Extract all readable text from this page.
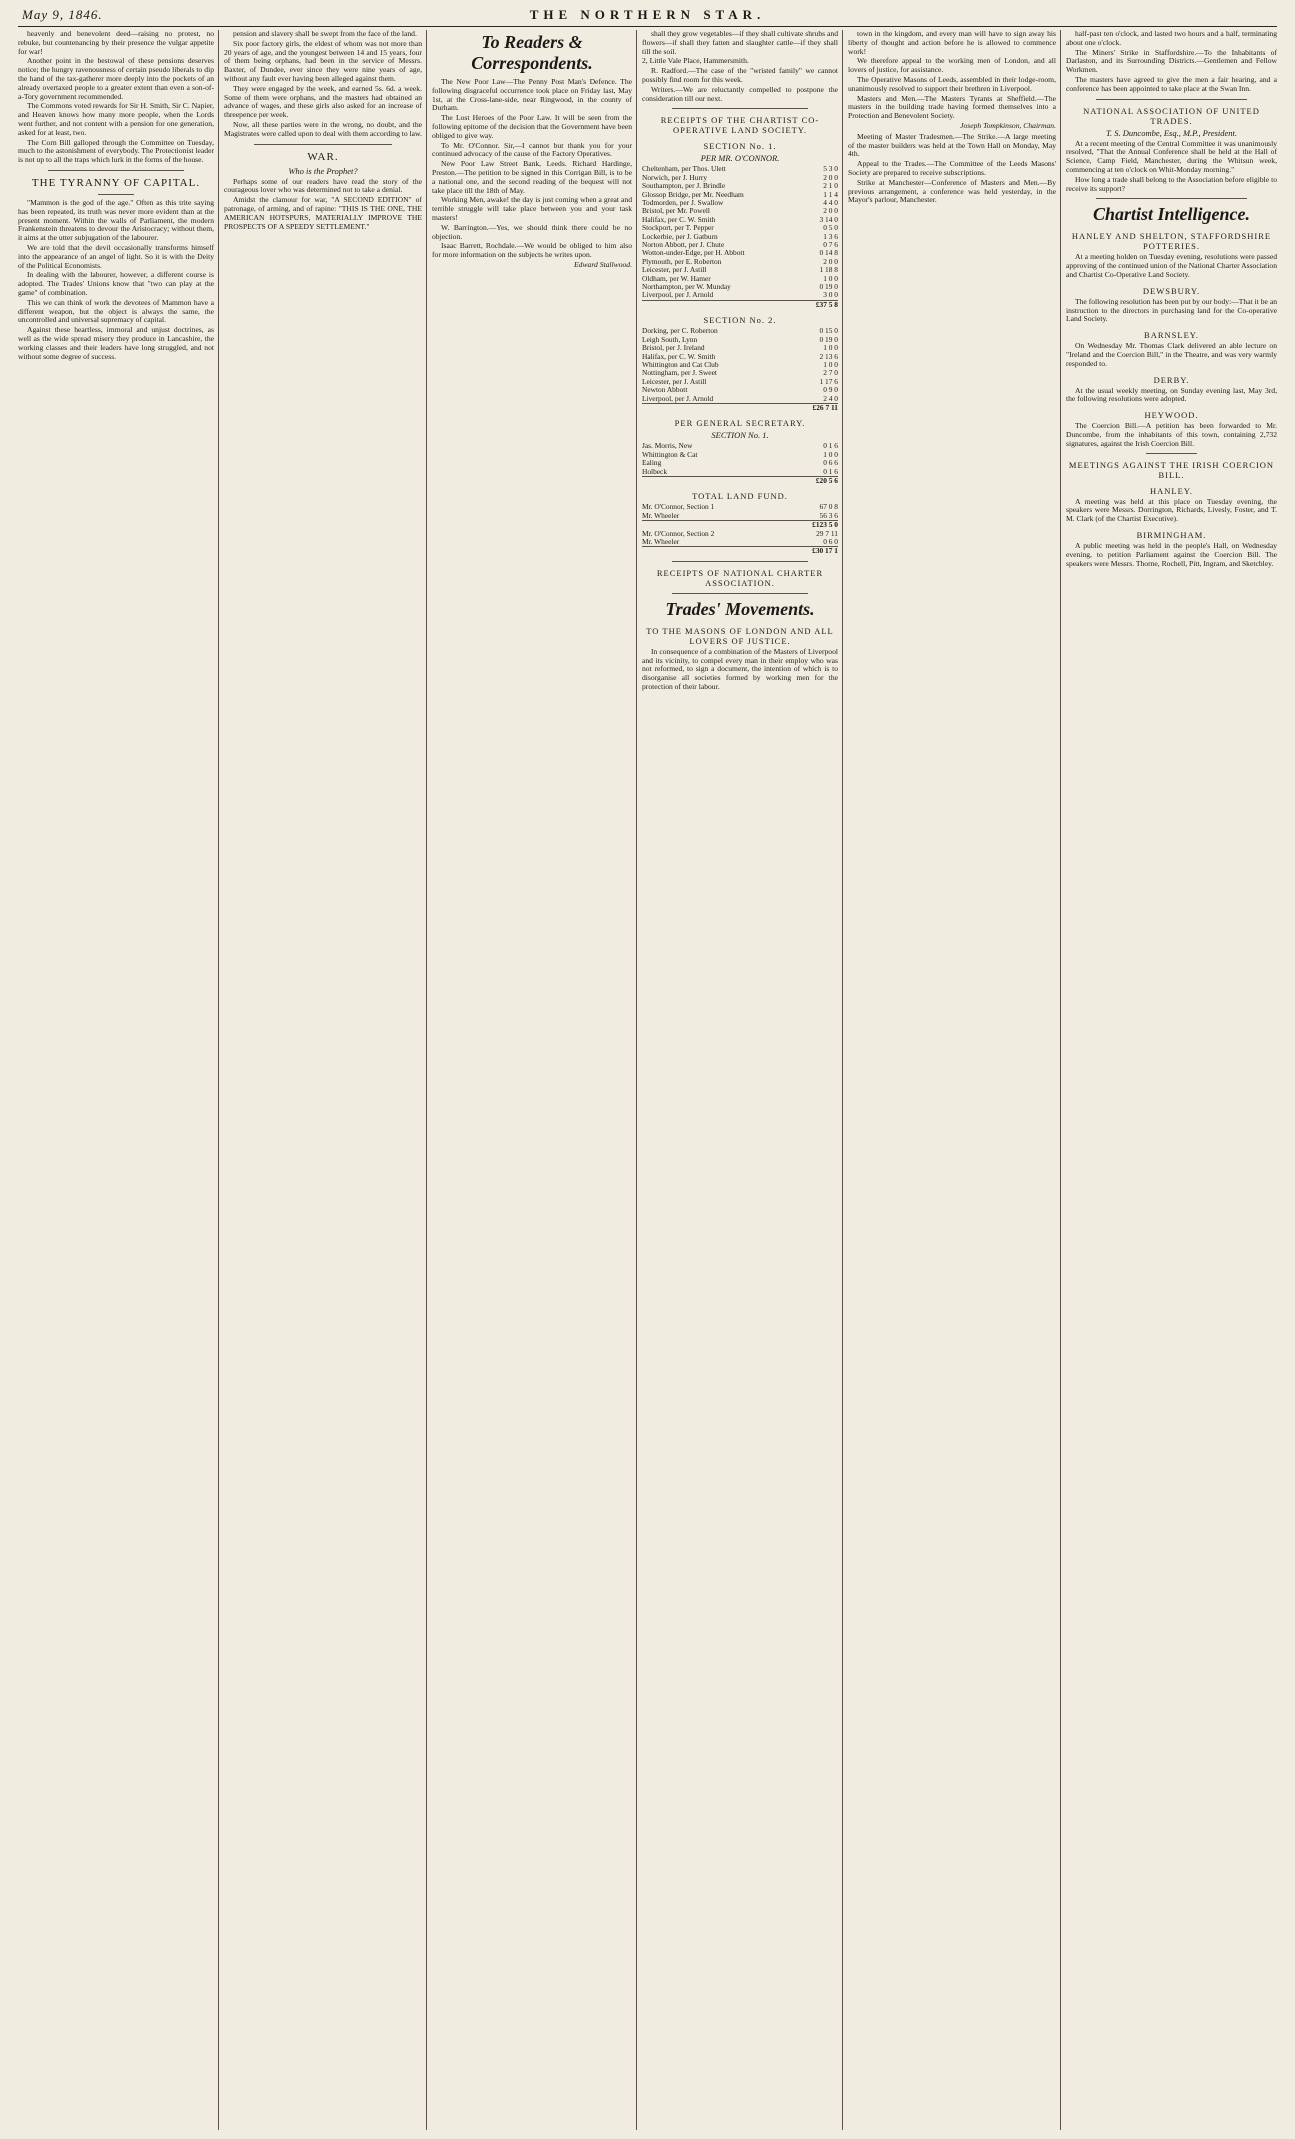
May 9, 1846.	THE NORTHERN STAR.

heavenly and benevolent deed—raising no protest, no rebuke, but countenancing by their presence the vulgar appetite for war!

Another point in the bestowal of these pensions deserves notice; the hungry ravenousness of certain pseudo liberals to dip the hand of the tax-gatherer more deeply into the pockets of an already overtaxed people to a greater extent than even a son-of-a-Tory government recommended.

The Commons voted rewards for Sir H. Smith, Sir C. Napier, and Heaven knows how many more people, when the Lords went further, and not content with a pension for one generation, asked for at least, two.

The Corn Bill galloped through the Committee on Tuesday, much to the astonishment of everybody. The Protectionist leader is not up to all the traps which lurk in the forms of the house.

THE TYRANNY OF CAPITAL.

"Mammon is the god of the age." Often as this trite saying has been repeated, its truth was never more evident than at the present moment. Within the walls of Parliament, the modern Frankenstein threatens to devour the Aristocracy; without them, it aims at the utter subjugation of the labourer.

We are told that the devil occasionally transforms himself into the appearance of an angel of light. So it is with the Deity of the Political Economists.

In dealing with the labourer, however, a different course is adopted. The Trades' Unions know that "two can play at the game" of combination.

This we can think of work the devotees of Mammon have a different weapon, but the object is always the same, the uncontrolled and universal supremacy of capital.

Against these heartless, immoral and unjust doctrines, as well as the wide spread misery they produce in Lancashire, the working classes and their leaders have long struggled, and not without some degree of success.

pension and slavery shall be swept from the face of the land.

Six poor factory girls, the eldest of whom was not more than 20 years of age, and the youngest between 14 and 15 years, four of them being orphans, had been in the service of Messrs. Baxter, of Dundee, ever since they were nine years of age, without any fault ever having been alleged against them.

They were engaged by the week, and earned 5s. 6d. a week. Some of them were orphans, and the masters had obtained an advance of wages, and these girls also asked for an increase of threepence per week.

Now, all these parties were in the wrong, no doubt, and the Magistrates were called upon to deal with them according to law.

WAR.
Who is the Prophet?

Perhaps some of our readers have read the story of the courageous lover who was determined not to take a denial.

Amidst the clamour for war, "A SECOND EDITION" of patronage, of arming, and of rapine: "THIS IS THE ONE, THE AMERICAN HOTSPURS, MATERIALLY IMPROVE THE PROSPECTS OF A SPEEDY SETTLEMENT."

To Readers & Correspondents.

The New Poor Law—The Penny Post Man's Defence. The following disgraceful occurrence took place on Friday last, May 1st, at the Cross-lane-side, near Ringwood, in the county of Durham.

The Lost Heroes of the Poor Law. It will be seen from the following epitome of the decision that the Government have been obliged to give way.

To Mr. O'Connor. Sir,—I cannot but thank you for your continued advocacy of the cause of the Factory Operatives.

New Poor Law Street Bank, Leeds. Richard Hardinge, Preston.—The petition to be signed in this Corrigan Bill, is to be a national one, and the second reading of the bequest will not take place till the 18th of May.

Working Men, awake! the day is just coming when a great and terrible struggle will take place between you and your task masters!

W. Barrington.—Yes, we should think there could be no objection.

Isaac Barrett, Rochdale.—We would be obliged to him also for more information on the subjects he writes upon.

Edward Stallwood.

shall they grow vegetables—if they shall cultivate shrubs and flowers—if shall they fatten and slaughter cattle—if they shall till the soil.

2, Little Vale Place, Hammersmith.

R. Radford.—The case of the "wristed family" we cannot possibly find room for this week.

Writers.—We are reluctantly compelled to postpone the consideration till our next.

RECEIPTS OF THE CHARTIST CO-OPERATIVE LAND SOCIETY.
SECTION No. 1.
PER MR. O'CONNOR.
Cheltenham, per Thos. Ulett	5 3 0
Norwich, per J. Hurry	2 0 0
Southampton, per J. Brindle	2 1 0
Glossop Bridge, per Mr. Needham	1 1 4
Todmorden, per J. Swallow	4 4 0
Bristol, per Mr. Powell	2 0 0
Halifax, per C. W. Smith	3 14 0
Stockport, per T. Pepper	0 5 0
Lockerbie, per J. Gatburn	1 3 6
Norton Abbott, per J. Chute	0 7 6
Wotton-under-Edge, per H. Abbott	0 14 8
Plymouth, per E. Roberton	2 0 0
Leicester, per J. Astill	1 18 8
Oldham, per W. Hamer	1 0 0
Northampton, per W. Munday	0 19 0
Liverpool, per J. Arnold	3 0 0
	£37 5 8
SECTION No. 2.
Dorking, per C. Roberton	0 15 0
Leigh South, Lynn	0 19 0
Bristol, per J. Ireland	1 0 0
Halifax, per C. W. Smith	2 13 6
Whittington and Cat Club	1 0 0
Nottingham, per J. Sweet	2 7 0
Leicester, per J. Astill	1 17 6
Newton Abbott	0 9 0
Liverpool, per J. Arnold	2 4 0
	£26 7 11
PER GENERAL SECRETARY.
SECTION No. 1.
Jas. Morris, New	0 1 6
Whittington & Cat	1 0 0
Ealing	0 6 6
Holbeck	0 1 6
	£20 5 6
TOTAL LAND FUND.
Mr. O'Connor, Section 1	67 0 8
Mr. Wheeler	56 3 6
	£123 5 0
Mr. O'Connor, Section 2	29 7 11
Mr. Wheeler	0 6 0
	£30 17 1
RECEIPTS OF NATIONAL CHARTER ASSOCIATION.
Trades' Movements.
TO THE MASONS OF LONDON AND ALL LOVERS OF JUSTICE.

In consequence of a combination of the Masters of Liverpool and its vicinity, to compel every man in their employ who was not reformed, to sign a document, the intention of which is to disorganise all societies formed by working men for the protection of their labour.

town in the kingdom, and every man will have to sign away his liberty of thought and action before he is allowed to commence work!

We therefore appeal to the working men of London, and all lovers of justice, for assistance.

The Operative Masons of Leeds, assembled in their lodge-room, unanimously resolved to support their brethren in Liverpool.

Masters and Men.—The Masters Tyrants at Sheffield.—The masters in the building trade having formed themselves into a Protection and Benevolent Society.

Joseph Tompkinson, Chairman.

Meeting of Master Tradesmen.—The Strike.—A large meeting of the master builders was held at the Town Hall on Monday, May 4th.

Appeal to the Trades.—The Committee of the Leeds Masons' Society are prepared to receive subscriptions.

Strike at Manchester—Conference of Masters and Men.—By previous arrangement, a conference was held yesterday, in the Mayor's parlour, Manchester.

half-past ten o'clock, and lasted two hours and a half, terminating about one o'clock.

The Miners' Strike in Staffordshire.—To the Inhabitants of Darlaston, and its Surrounding Districts.—Gentlemen and Fellow Workmen.

The masters have agreed to give the men a fair hearing, and a conference has been appointed to take place at the Swan Inn.

NATIONAL ASSOCIATION OF UNITED TRADES.
T. S. Duncombe, Esq., M.P., President.

At a recent meeting of the Central Committee it was unanimously resolved, "That the Annual Conference shall be held at the Hall of Science, Camp Field, Manchester, during the Whitsun week, commencing at ten o'clock on Whit-Monday morning."

How long a trade shall belong to the Association before eligible to receive its support?

Chartist Intelligence.
HANLEY AND SHELTON, STAFFORDSHIRE POTTERIES.

At a meeting holden on Tuesday evening, resolutions were passed approving of the continued union of the National Charter Association and Chartist Co-Operative Land Society.

DEWSBURY.

The following resolution has been put by our body:—That it be an instruction to the directors in purchasing land for the Co-operative Land Society.

BARNSLEY.

On Wednesday Mr. Thomas Clark delivered an able lecture on "Ireland and the Coercion Bill," in the Theatre, and was very warmly responded to.

DERBY.

At the usual weekly meeting, on Sunday evening last, May 3rd, the following resolutions were adopted.

HEYWOOD.

The Coercion Bill.—A petition has been forwarded to Mr. Duncombe, from the inhabitants of this town, containing 2,732 signatures, against the Irish Coercion Bill.

MEETINGS AGAINST THE IRISH COERCION BILL.
HANLEY.

A meeting was held at this place on Tuesday evening, the speakers were Messrs. Dorrington, Richards, Livesly, Foster, and T. M. Clark (of the Chartist Executive).

BIRMINGHAM.

A public meeting was held in the people's Hall, on Wednesday evening, to petition Parliament against the Coercion Bill. The speakers were Messrs. Thorne, Rochell, Pitt, Ingram, and Sketchley.
